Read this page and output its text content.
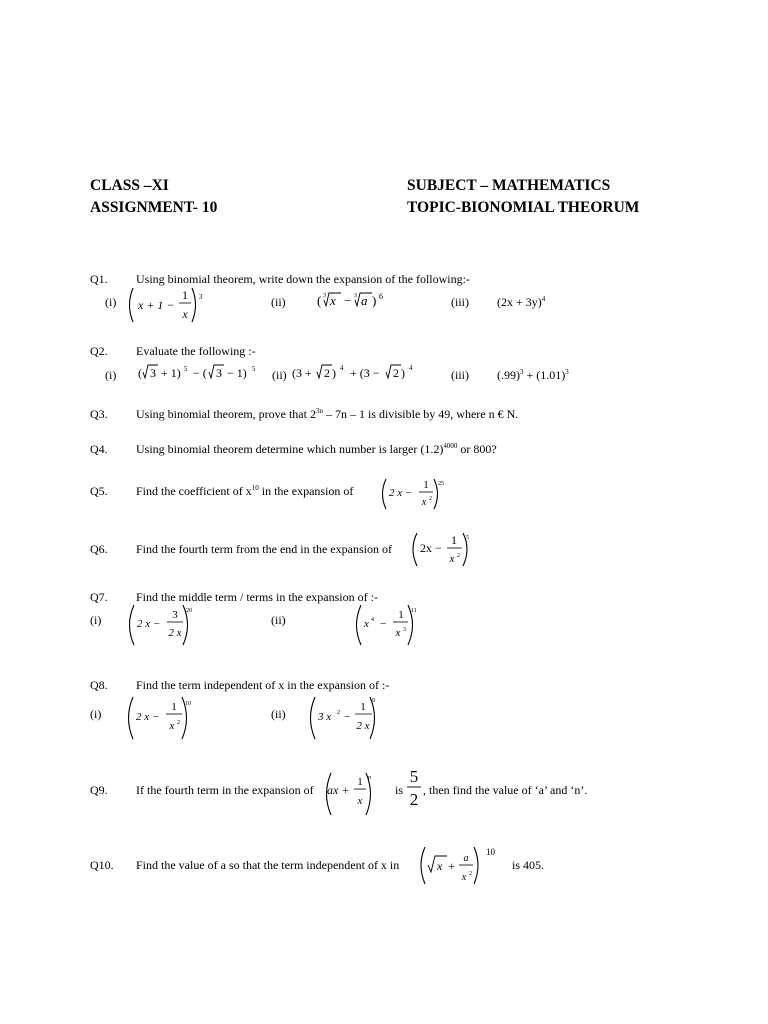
CLASS –XI
ASSIGNMENT- 10
SUBJECT – MATHEMATICS
TOPIC-BIONOMIAL THEORUM
Q1. Using binomial theorem, write down the expansion of the following:-
(i) x + 1 −
1
x
3	(ii) ( 3 x − 3 a ) 6	(iii) $(2x + 3y)^4$
Q2. Evaluate the following :-
(i) ( 3 + 1) 5 − ( 3 − 1) 5 (ii) (3 + 2 ) 4 + (3 − 2 ) 4	(iii) $(.99)^3 + (1.01)^3$
Q3. Using binomial theorem, prove that $2^{3n} - 7n - 1$ is divisible by 49, where n € N.
Q4. Using binomial theorem determine which number is larger $(1.2)^{4000}$ or 800?
Q5. Find the coefficient of $x^{10}$ in the expansion of	2 x −
1
x 2
25
Q6. Find the fourth term from the end in the expansion of 2x −
1
x 2
5
Q7. Find the middle term / terms in the expansion of :-
(i)	2 x −
3
2 x
20
(ii)	x 4 −
1
x 3
11
Q8. Find the term independent of x in the expansion of :-
(i)	2 x −
1
x 2
10
(ii)	3 x 2 −
1
2 x
9
Q9. If the fourth term in the expansion of ax +
1
x
n
is
5
2 , then find the value of ‘a’ and ‘n’.
Q10. Find the value of a so that the term independent of x in	x +
a
x 2
10
is 405.
